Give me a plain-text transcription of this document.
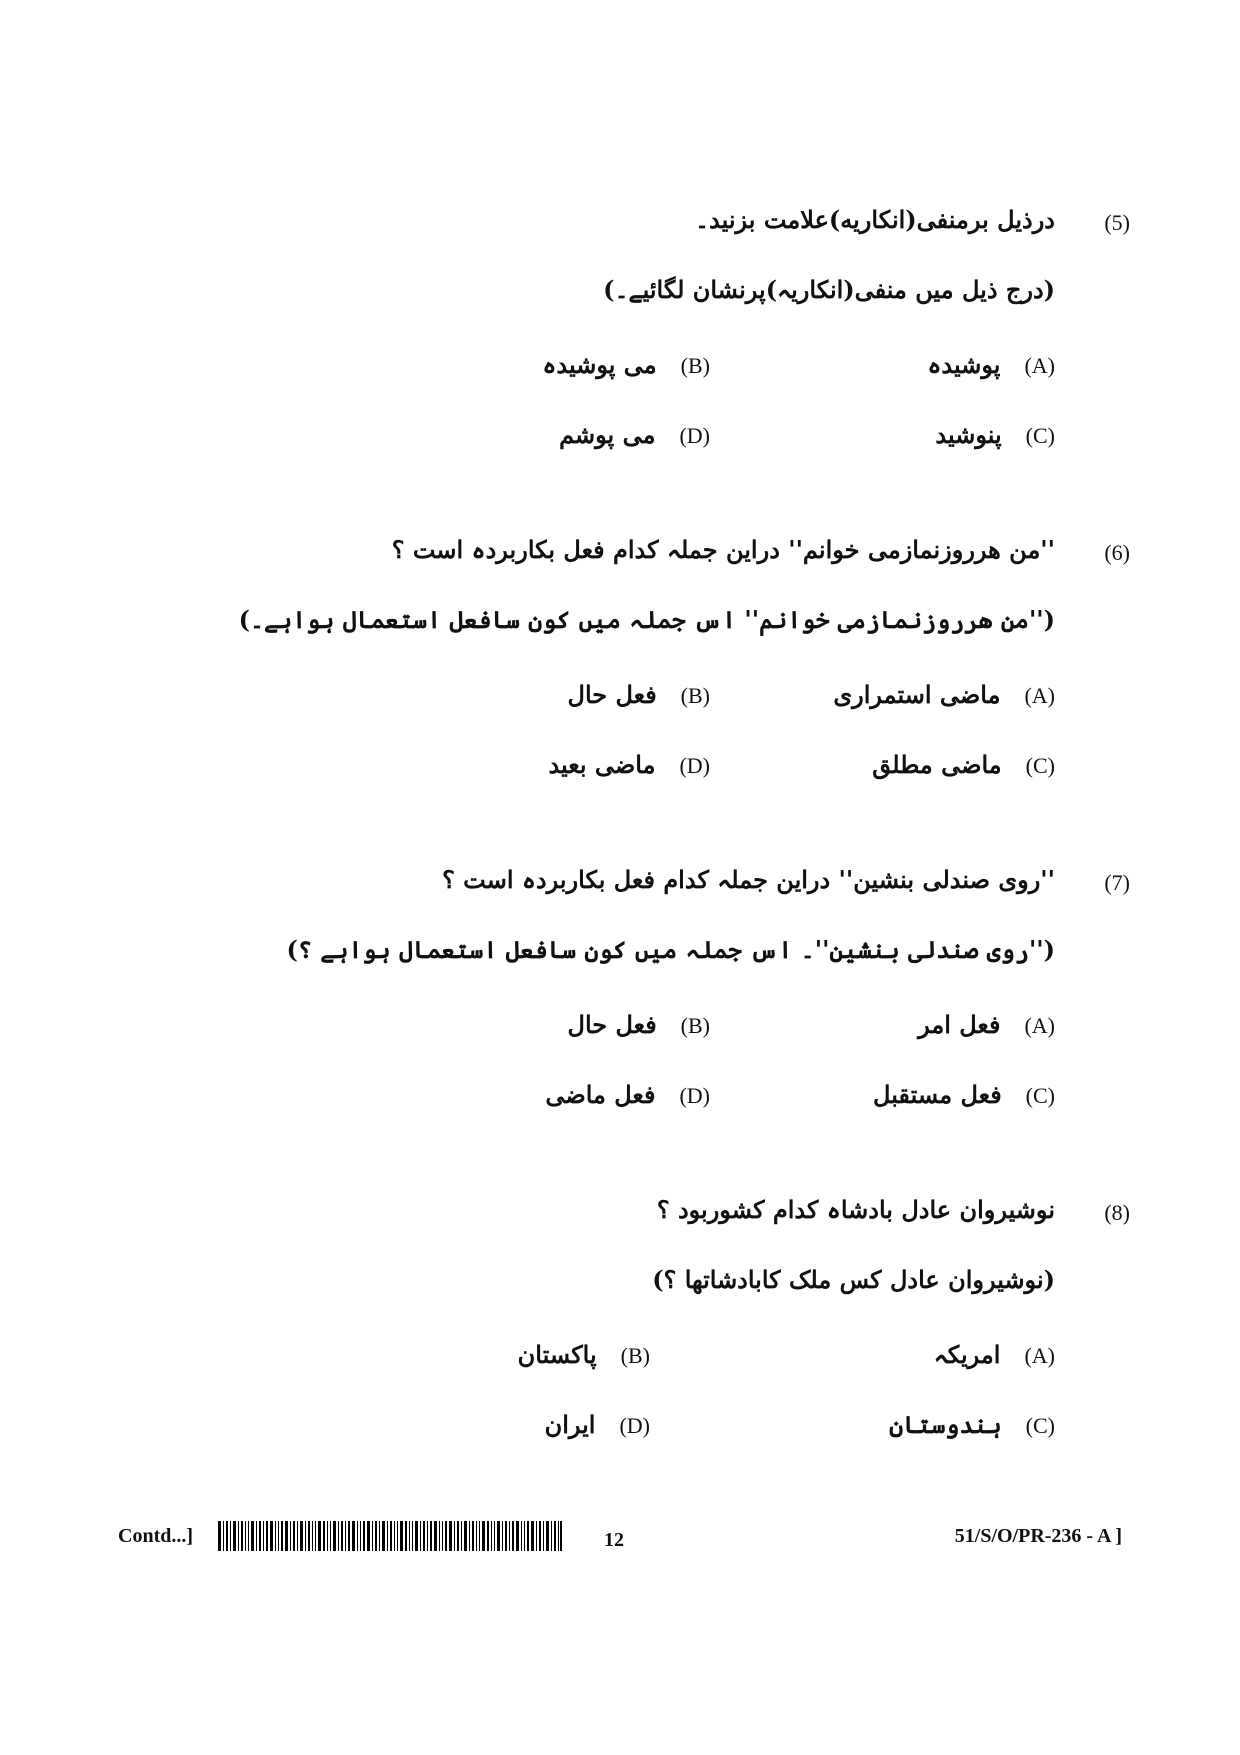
(5)
درذیل برمنفی(انکاریه)علامت بزنید۔
(درج ذیل میں منفی(انکاریہ)پرنشان لگائیے۔)
(A)پوشیدہ
(B)می پوشیدہ
(C)پنوشید
(D)می پوشم
(6)
''من هرروزنمازمی خوانم'' دراین جملہ کدام فعل بکاربردہ است ؟
(''من هرروزنمازمی خوانم'' اس جملہ میں کون سافعل استعمال ہواہے۔)
(A)ماضی استمراری
(B)فعل حال
(C)ماضی مطلق
(D)ماضی بعید
(7)
''روی صندلی بنشین'' دراین جملہ کدام فعل بکاربردہ است ؟
(''روی صندلی بنشین''۔ اس جملہ میں کون سافعل استعمال ہواہے ؟)
(A)فعل امر
(B)فعل حال
(C)فعل مستقبل
(D)فعل ماضی
(8)
نوشیروان عادل بادشاہ کدام کشوربود ؟
(نوشیروان عادل کس ملک کابادشاتھا ؟)
(A)امریکہ
(B)پاکستان
(C)ہندوستان
(D)ایران
Contd...]	12	51/S/O/PR-236 - A ]
